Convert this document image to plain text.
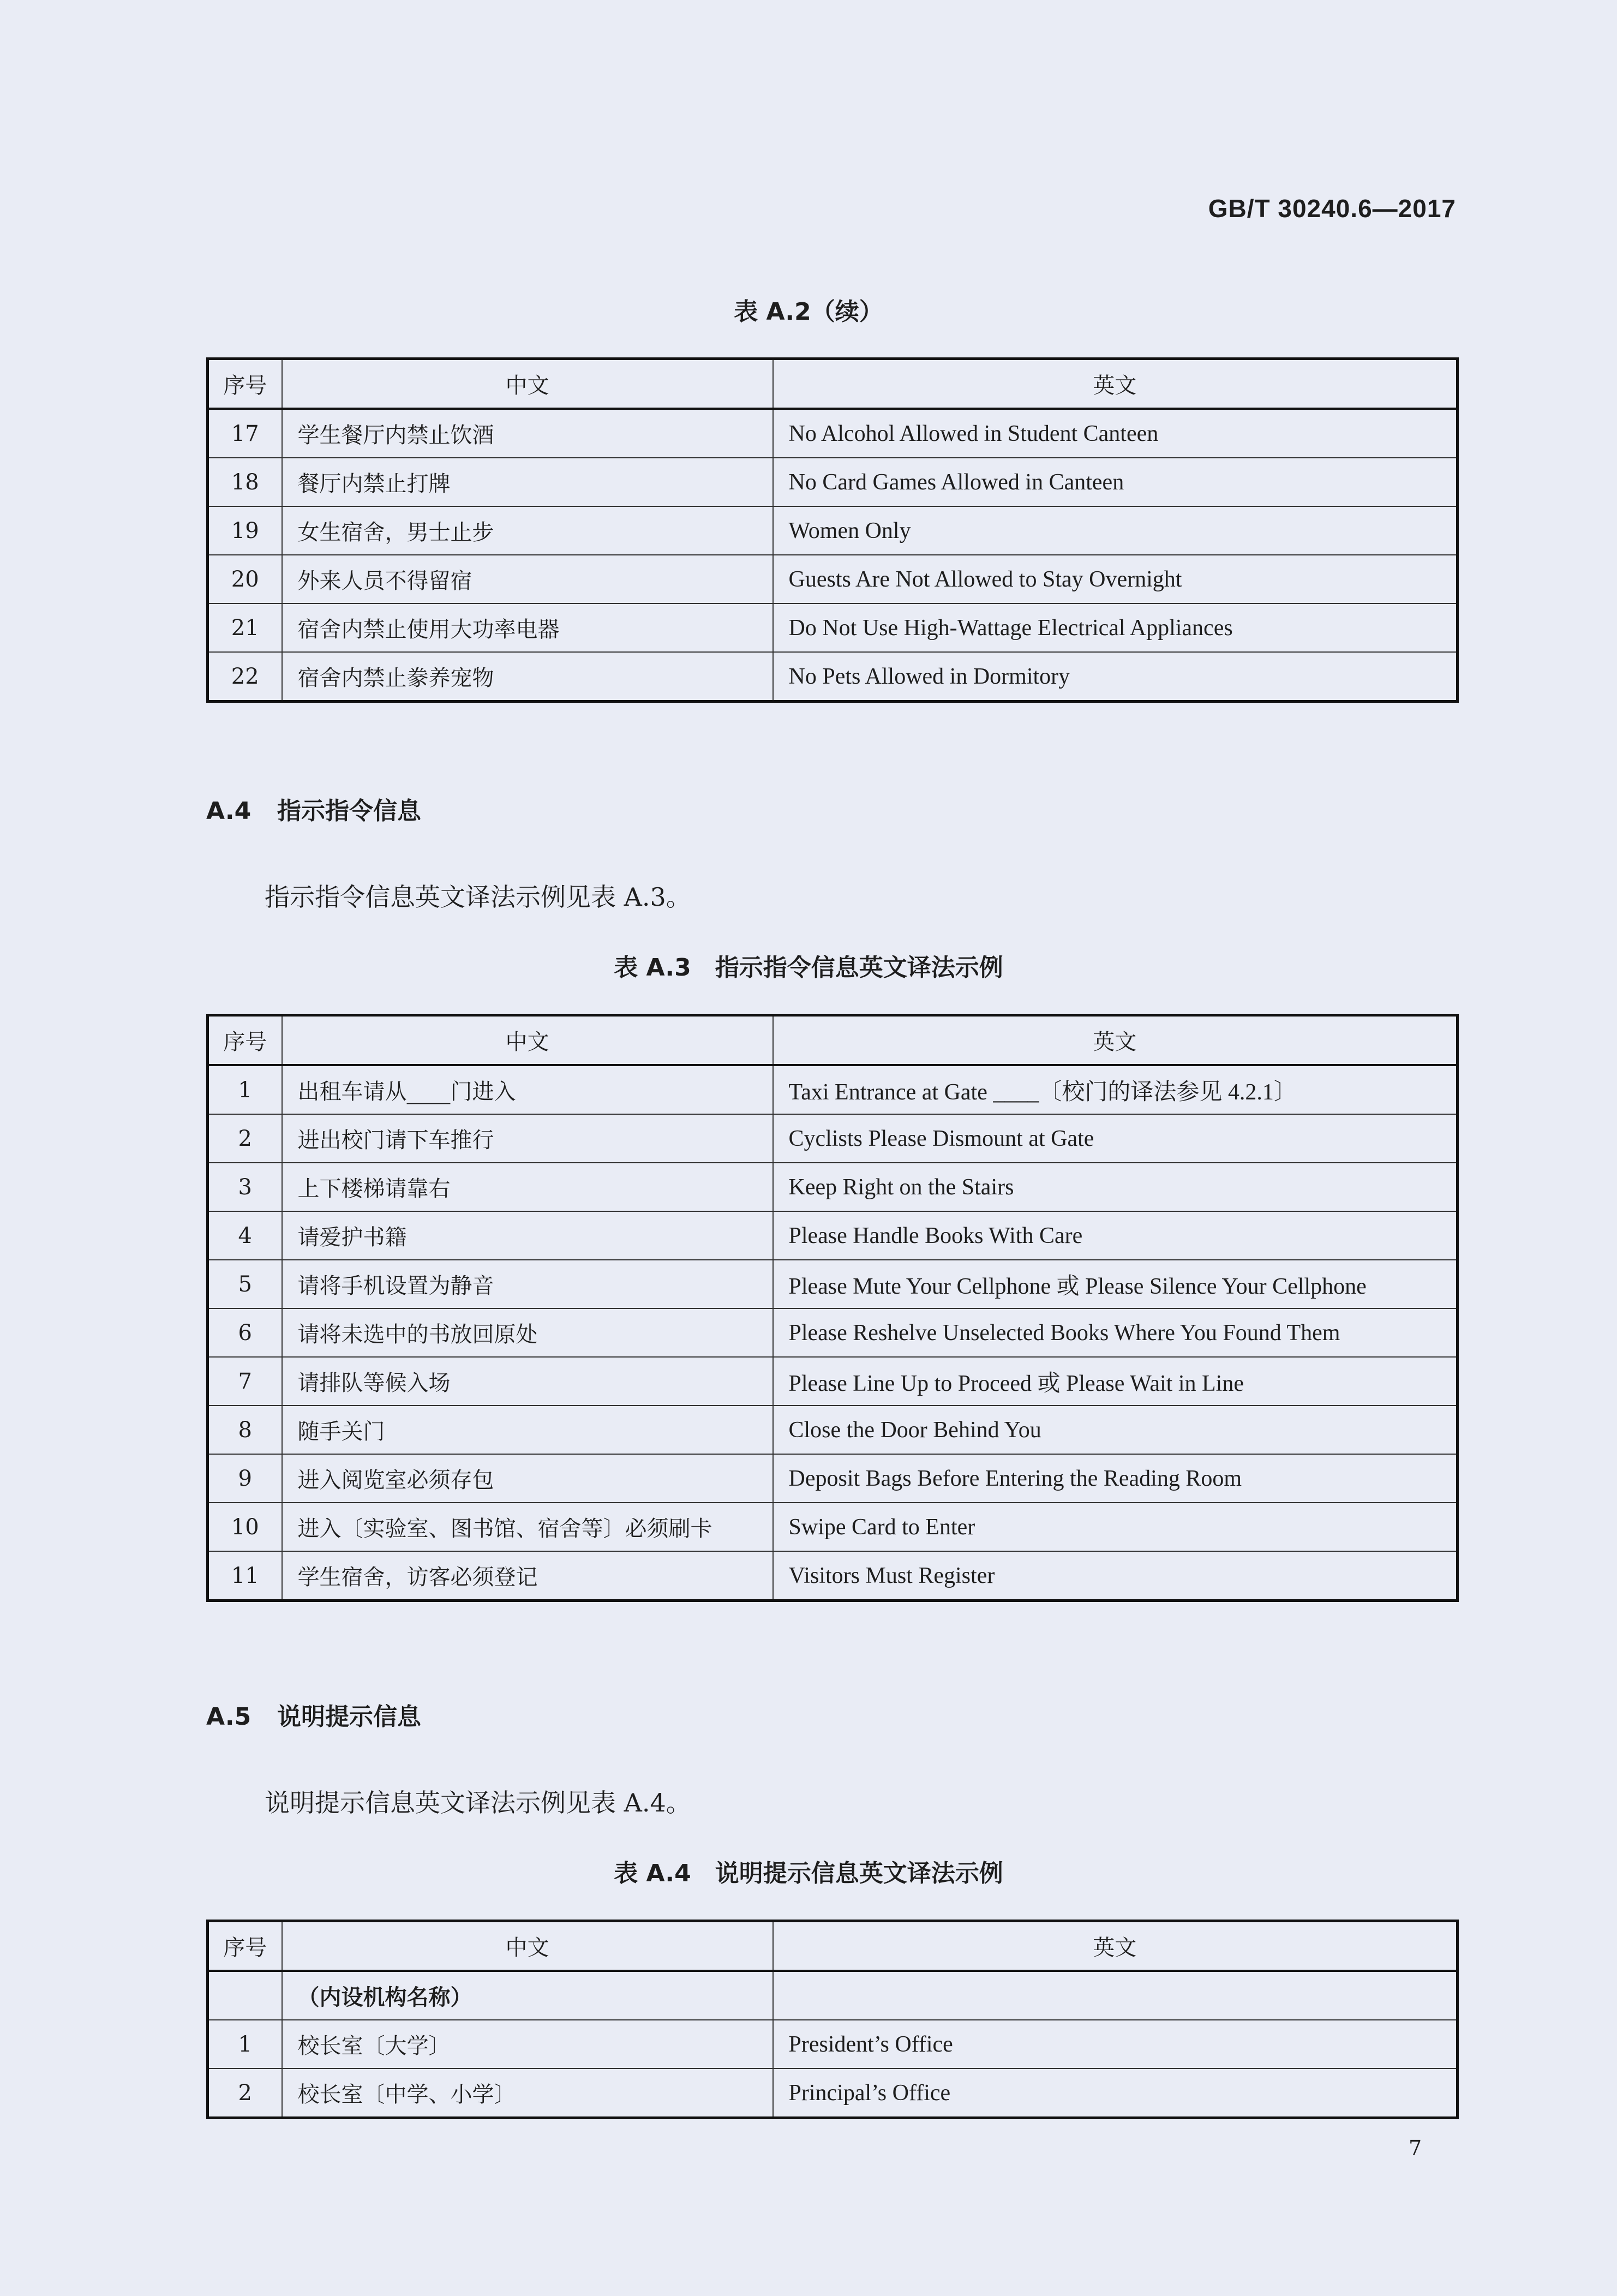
GB/T 30240.6—2017
表 A.2（续）
序号	中文	英文
17	学生餐厅内禁止饮酒	No Alcohol Allowed in Student Canteen
18	餐厅内禁止打牌	No Card Games Allowed in Canteen
19	女生宿舍，男士止步	Women Only
20	外来人员不得留宿	Guests Are Not Allowed to Stay Overnight
21	宿舍内禁止使用大功率电器	Do Not Use High-Wattage Electrical Appliances
22	宿舍内禁止豢养宠物	No Pets Allowed in Dormitory
A.4 指示指令信息
指示指令信息英文译法示例见表 A.3。
表 A.3　指示指令信息英文译法示例
序号	中文	英文
1	出租车请从____门进入	Taxi Entrance at Gate ____〔校门的译法参见 4.2.1〕
2	进出校门请下车推行	Cyclists Please Dismount at Gate
3	上下楼梯请靠右	Keep Right on the Stairs
4	请爱护书籍	Please Handle Books With Care
5	请将手机设置为静音	Please Mute Your Cellphone 或 Please Silence Your Cellphone
6	请将未选中的书放回原处	Please Reshelve Unselected Books Where You Found Them
7	请排队等候入场	Please Line Up to Proceed 或 Please Wait in Line
8	随手关门	Close the Door Behind You
9	进入阅览室必须存包	Deposit Bags Before Entering the Reading Room
10	进入〔实验室、图书馆、宿舍等〕必须刷卡	Swipe Card to Enter
11	学生宿舍，访客必须登记	Visitors Must Register
A.5 说明提示信息
说明提示信息英文译法示例见表 A.4。
表 A.4　说明提示信息英文译法示例
序号	中文	英文
	（内设机构名称）	
1	校长室〔大学〕	President’s Office
2	校长室〔中学、小学〕	Principal’s Office
7
